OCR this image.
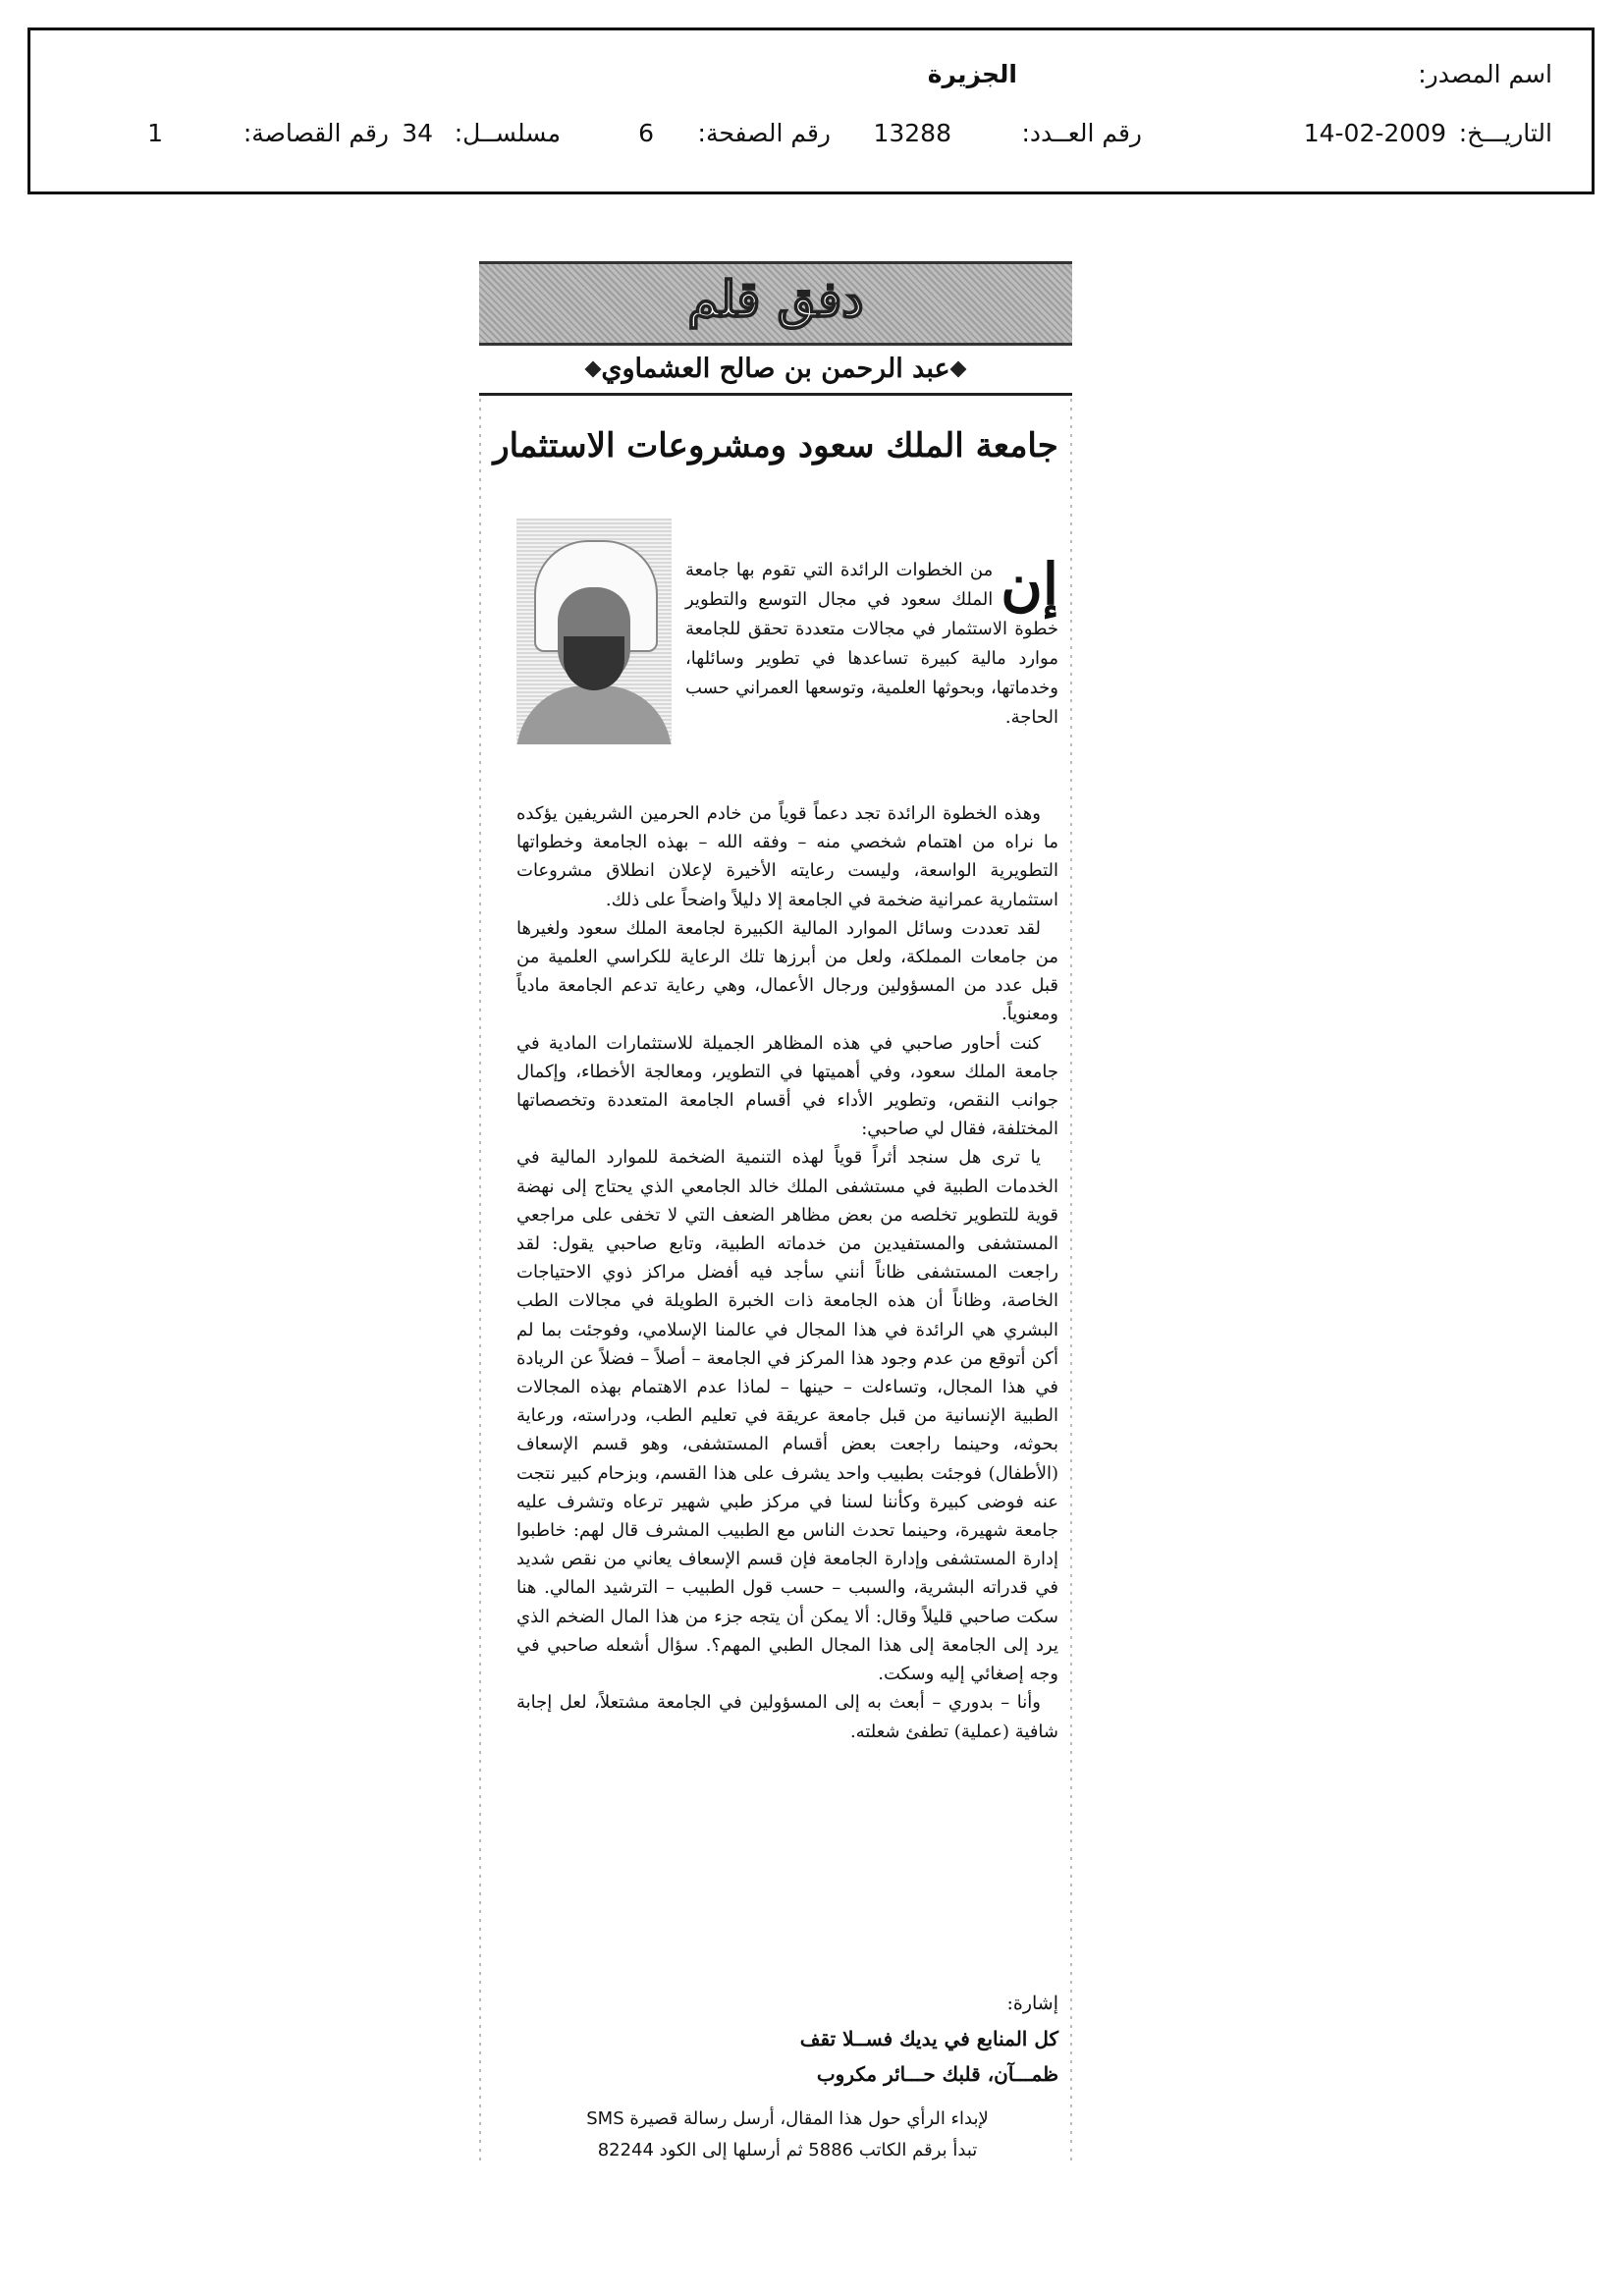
اسم المصدر:
الجزيرة
التاريـــخ:
14-02-2009
رقم العــدد:
13288
رقم الصفحة:
6
مسلســل:
34
رقم القصاصة:
1
دفق قلم
عبد الرحمن بن صالح العشماوي
جامعة الملك سعود ومشروعات الاستثمار
إن
من الخطوات الرائدة التي تقوم بها جامعة الملك سعود في مجال التوسع والتطوير خطوة الاستثمار في مجالات متعددة تحقق للجامعة موارد مالية كبيرة تساعدها في تطوير وسائلها، وخدماتها، وبحوثها العلمية، وتوسعها العمراني حسب الحاجة.

وهذه الخطوة الرائدة تجد دعماً قوياً من خادم الحرمين الشريفين يؤكده ما نراه من اهتمام شخصي منه – وفقه الله – بهذه الجامعة وخطواتها التطويرية الواسعة، وليست رعايته الأخيرة لإعلان انطلاق مشروعات استثمارية عمرانية ضخمة في الجامعة إلا دليلاً واضحاً على ذلك.

لقد تعددت وسائل الموارد المالية الكبيرة لجامعة الملك سعود ولغيرها من جامعات المملكة، ولعل من أبرزها تلك الرعاية للكراسي العلمية من قبل عدد من المسؤولين ورجال الأعمال، وهي رعاية تدعم الجامعة مادياً ومعنوياً.

كنت أحاور صاحبي في هذه المظاهر الجميلة للاستثمارات المادية في جامعة الملك سعود، وفي أهميتها في التطوير، ومعالجة الأخطاء، وإكمال جوانب النقص، وتطوير الأداء في أقسام الجامعة المتعددة وتخصصاتها المختلفة، فقال لي صاحبي:

يا ترى هل سنجد أثراً قوياً لهذه التنمية الضخمة للموارد المالية في الخدمات الطبية في مستشفى الملك خالد الجامعي الذي يحتاج إلى نهضة قوية للتطوير تخلصه من بعض مظاهر الضعف التي لا تخفى على مراجعي المستشفى والمستفيدين من خدماته الطبية، وتابع صاحبي يقول: لقد راجعت المستشفى ظاناً أنني سأجد فيه أفضل مراكز ذوي الاحتياجات الخاصة، وظاناً أن هذه الجامعة ذات الخبرة الطويلة في مجالات الطب البشري هي الرائدة في هذا المجال في عالمنا الإسلامي، وفوجئت بما لم أكن أتوقع من عدم وجود هذا المركز في الجامعة – أصلاً – فضلاً عن الريادة في هذا المجال، وتساءلت – حينها – لماذا عدم الاهتمام بهذه المجالات الطبية الإنسانية من قبل جامعة عريقة في تعليم الطب، ودراسته، ورعاية بحوثه، وحينما راجعت بعض أقسام المستشفى، وهو قسم الإسعاف (الأطفال) فوجئت بطبيب واحد يشرف على هذا القسم، وبزحام كبير نتجت عنه فوضى كبيرة وكأننا لسنا في مركز طبي شهير ترعاه وتشرف عليه جامعة شهيرة، وحينما تحدث الناس مع الطبيب المشرف قال لهم: خاطبوا إدارة المستشفى وإدارة الجامعة فإن قسم الإسعاف يعاني من نقص شديد في قدراته البشرية، والسبب – حسب قول الطبيب – الترشيد المالي. هنا سكت صاحبي قليلاً وقال: ألا يمكن أن يتجه جزء من هذا المال الضخم الذي يرد إلى الجامعة إلى هذا المجال الطبي المهم؟. سؤال أشعله صاحبي في وجه إصغائي إليه وسكت.

وأنا – بدوري – أبعث به إلى المسؤولين في الجامعة مشتعلاً، لعل إجابة شافية (عملية) تطفئ شعلته.

إشارة:
كل المنابع في يديك فســلا تقف
ظمـــآن، قلبك حـــائر مكروب
لإبداء الرأي حول هذا المقال، أرسل رسالة قصيرة SMS
تبدأ برقم الكاتب 5886 ثم أرسلها إلى الكود 82244
